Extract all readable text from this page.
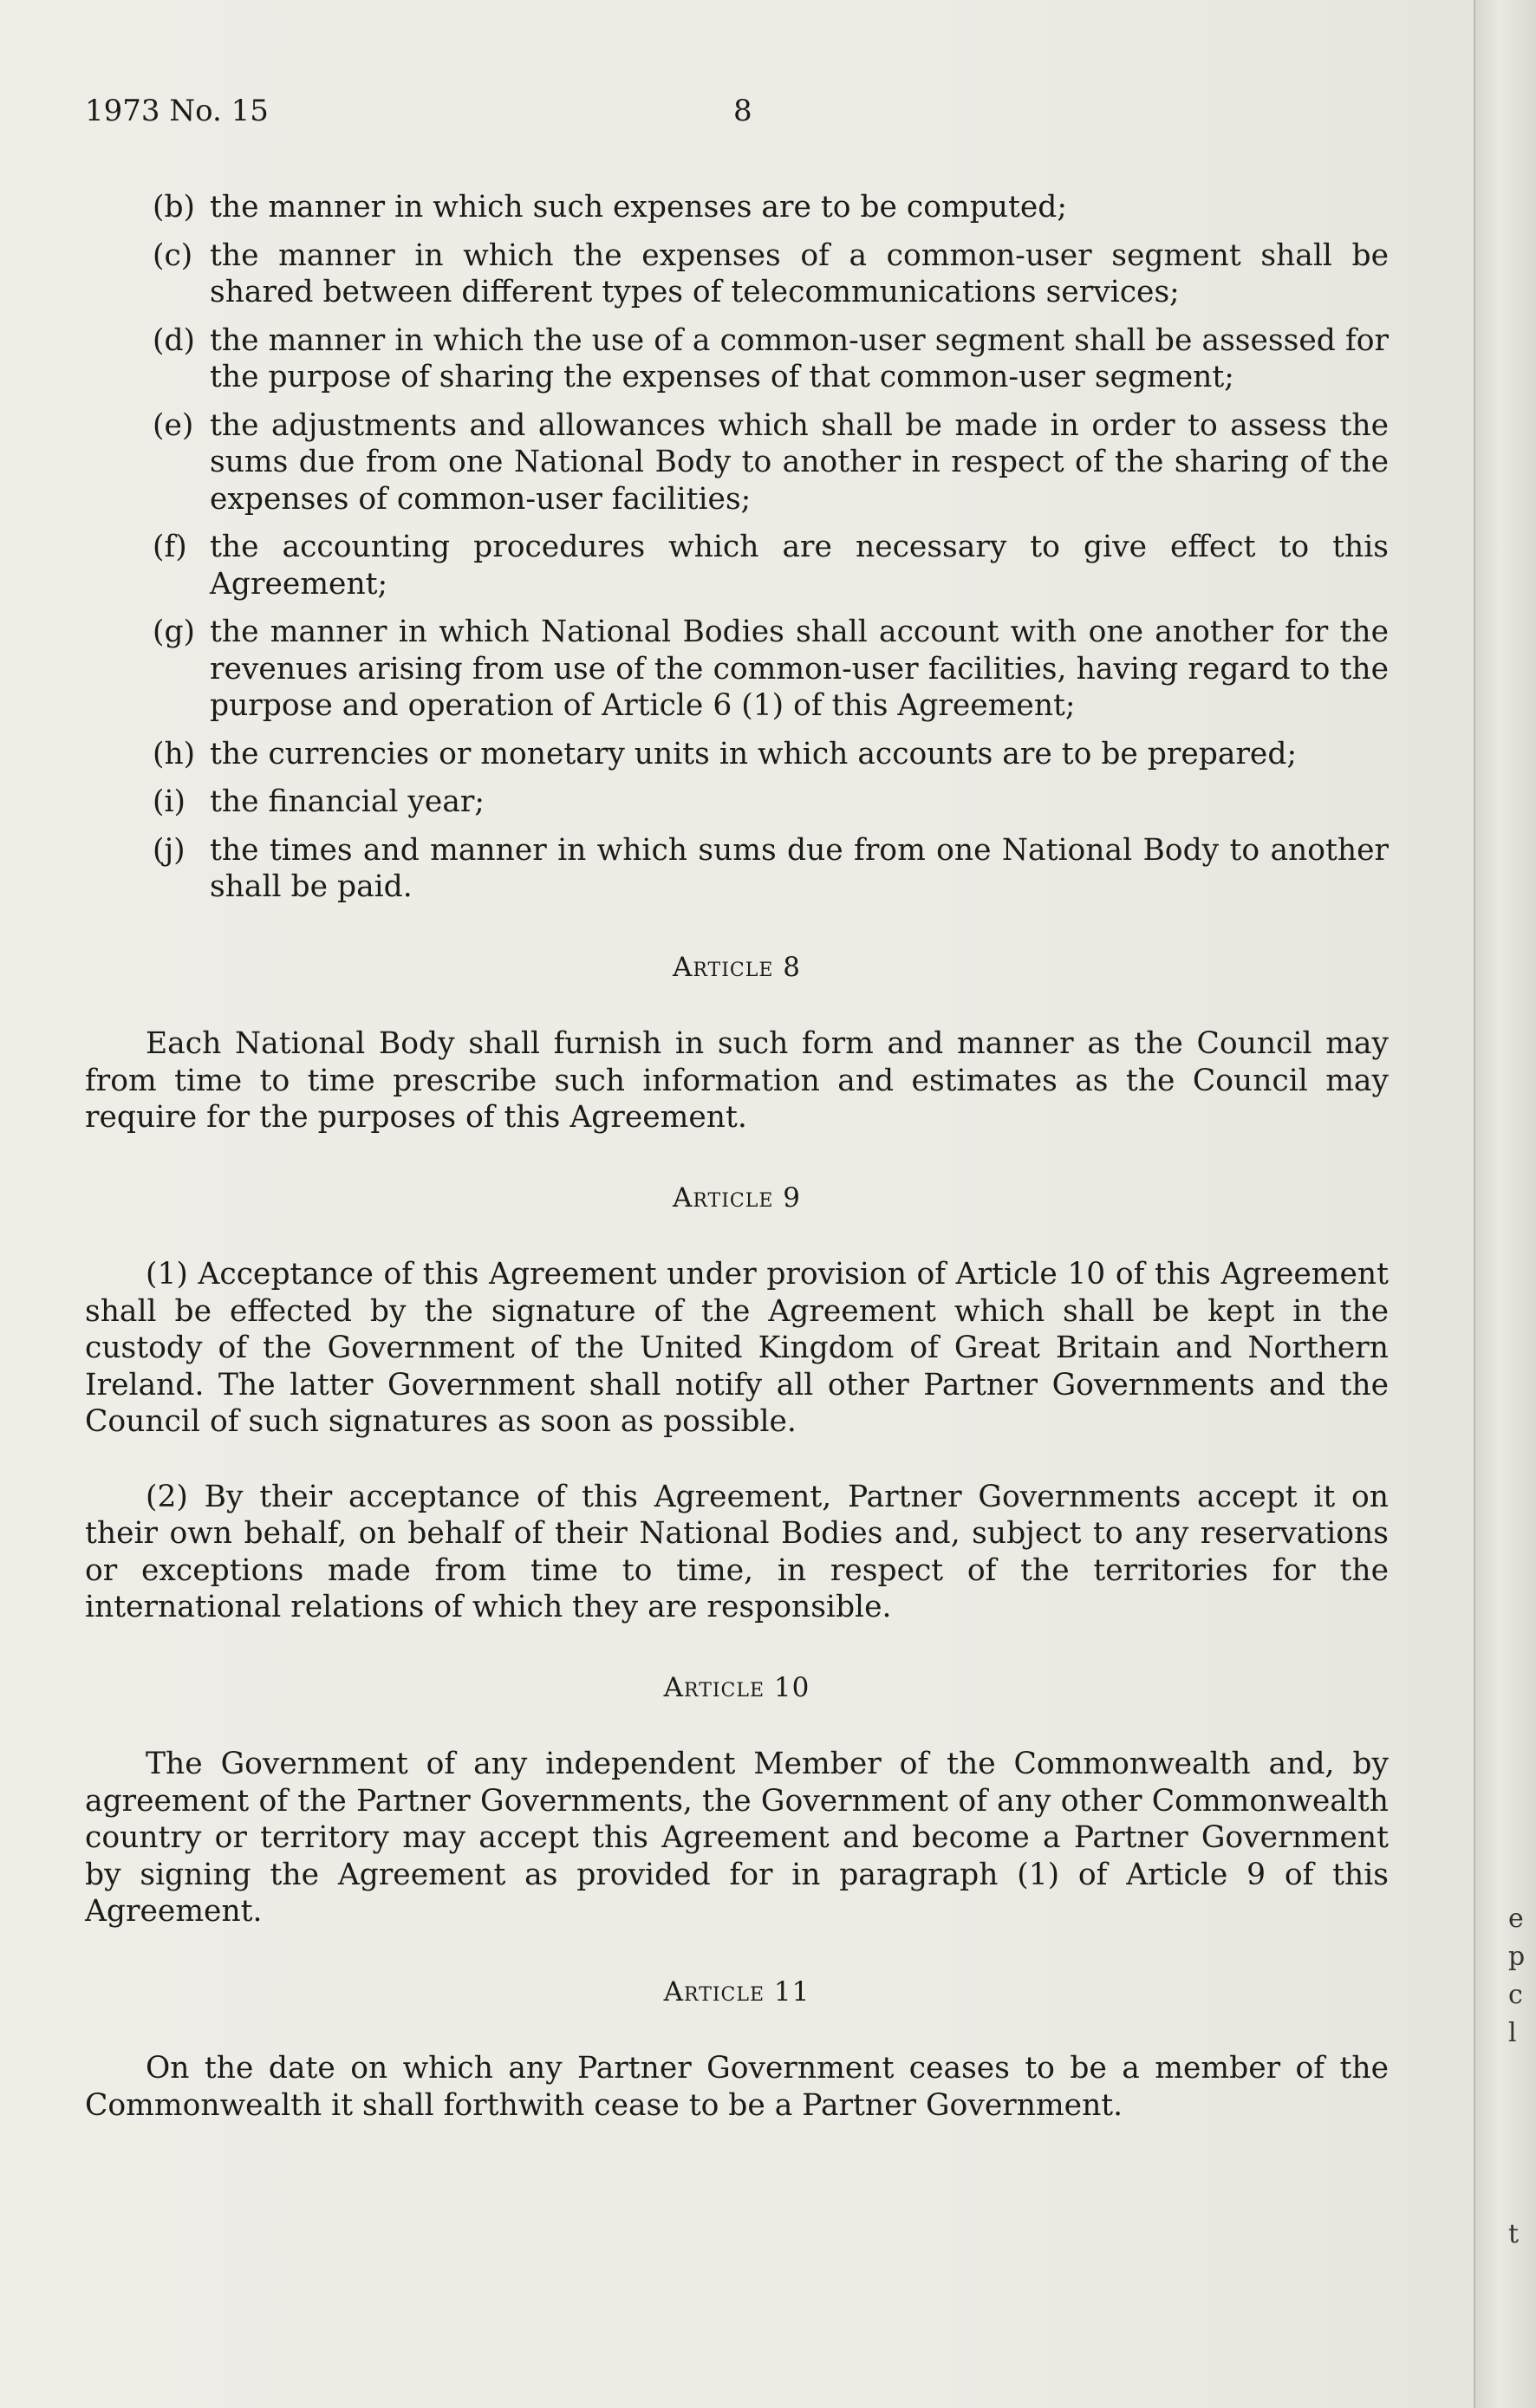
1973 No. 15	8
(b) the manner in which such expenses are to be computed;
(c) the manner in which the expenses of a common-user segment shall be shared between different types of telecommunications services;
(d) the manner in which the use of a common-user segment shall be assessed for the purpose of sharing the expenses of that common-user segment;
(e) the adjustments and allowances which shall be made in order to assess the sums due from one National Body to another in respect of the sharing of the expenses of common-user facilities;
(f) the accounting procedures which are necessary to give effect to this Agreement;
(g) the manner in which National Bodies shall account with one another for the revenues arising from use of the common-user facilities, having regard to the purpose and operation of Article 6 (1) of this Agreement;
(h) the currencies or monetary units in which accounts are to be prepared;
(i) the financial year;
(j) the times and manner in which sums due from one National Body to another shall be paid.
Article 8

Each National Body shall furnish in such form and manner as the Council may from time to time prescribe such information and estimates as the Council may require for the purposes of this Agreement.

Article 9

(1) Acceptance of this Agreement under provision of Article 10 of this Agreement shall be effected by the signature of the Agreement which shall be kept in the custody of the Government of the United Kingdom of Great Britain and Northern Ireland. The latter Government shall notify all other Partner Governments and the Council of such signatures as soon as possible.

(2) By their acceptance of this Agreement, Partner Governments accept it on their own behalf, on behalf of their National Bodies and, subject to any reservations or exceptions made from time to time, in respect of the territories for the international relations of which they are responsible.

Article 10

The Government of any independent Member of the Commonwealth and, by agreement of the Partner Governments, the Government of any other Commonwealth country or territory may accept this Agreement and become a Partner Government by signing the Agreement as provided for in paragraph (1) of Article 9 of this Agreement.

Article 11

On the date on which any Partner Government ceases to be a member of the Commonwealth it shall forthwith cease to be a Partner Government.

e
p
c
l
t
